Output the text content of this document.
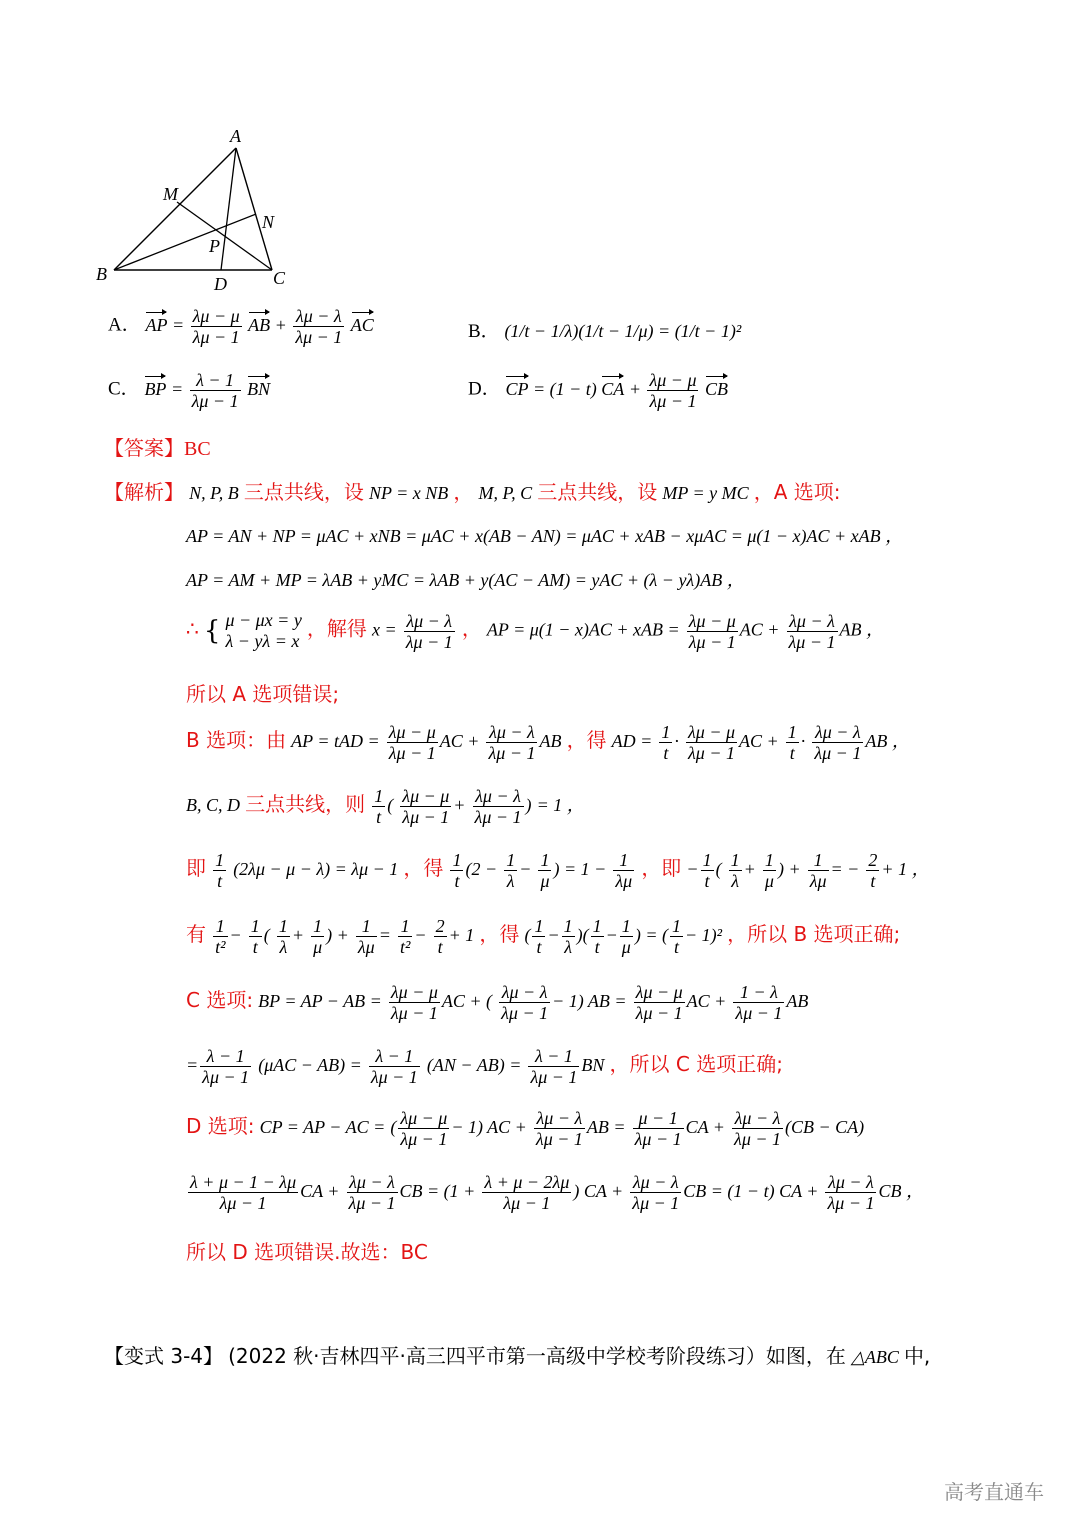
A
M
N
P
B	D	C
A． AP = $\frac{\lambda\mu - \mu}{\lambda\mu - 1}$ AB + $\frac{\lambda\mu - \lambda}{\lambda\mu - 1}$ AC	B． (1/t − 1/λ)(1/t − 1/μ) = (1/t − 1)²
C． BP = $\frac{\lambda - 1}{\lambda\mu - 1}$ BN	D． CP = (1 − t) CA + $\frac{\lambda\mu - \mu}{\lambda\mu - 1}$ CB
【答案】BC
【解析】 N, P, B 三点共线，设 NP = x NB ， M, P, C 三点共线，设 MP = y MC ，A 选项:
AP = AN + NP = μAC + xNB = μAC + x(AB − AN) = μAC + xAB − xμAC = μ(1 − x)AC + xAB ，
AP = AM + MP = λAB + yMC = λAB + y(AC − AM) = yAC + (λ − yλ)AB ，
∴ { μ − μx = y
λ − yλ = x
，解得 $x = \frac{\lambda\mu - \lambda}{\lambda\mu - 1}$ ， AP = μ(1 − x)AC + xAB = $\frac{\lambda\mu - \mu}{\lambda\mu - 1}$ AC + $\frac{\lambda\mu - \lambda}{\lambda\mu - 1}$ AB ，
所以 A 选项错误;
B 选项：由 AP = tAD = $\frac{\lambda\mu - \mu}{\lambda\mu - 1}$ AC + $\frac{\lambda\mu - \lambda}{\lambda\mu - 1}$ AB ，得 AD = $\frac{1}{t} \cdot \frac{\lambda\mu - \mu}{\lambda\mu - 1}$ AC + $\frac{1}{t} \cdot \frac{\lambda\mu - \lambda}{\lambda\mu - 1}$ AB ，
B, C, D 三点共线，则 $\frac{1}{t}$ ( $\frac{\lambda\mu - \mu}{\lambda\mu - 1} + \frac{\lambda\mu - \lambda}{\lambda\mu - 1}$ ) = 1 ，
即 $\frac{1}{t} (2\lambda\mu - \mu - \lambda) = \lambda\mu - 1$ ，得 $\frac{1}{t} (2 - \frac{1}{\lambda} - \frac{1}{\mu}$ ) = $1 - \frac{1}{\lambda\mu}$ ，即 − $\frac{1}{t}$ ( $\frac{1}{\lambda} + \frac{1}{\mu}$ ) + $\frac{1}{\lambda\mu}$ = − $\frac{2}{t} + 1$ ，
有 $\frac{1}{\text{t²}} - \frac{1}{t}$ ( $\frac{1}{\lambda} + \frac{1}{\mu}$ ) + $\frac{1}{\lambda\mu} = \frac{1}{\text{t²}} - \frac{2}{t} + 1$ ，得 ( $\frac{1}{t} - \frac{1}{\lambda}$ )( $\frac{1}{t} - \frac{1}{\mu}$ ) = ( $\frac{1}{t} - 1)^2$ ，所以 B 选项正确;
C 选项: BP = AP − AB = $\frac{\lambda\mu - \mu}{\lambda\mu - 1}$ AC + ( $\frac{\lambda\mu - \lambda}{\lambda\mu - 1} - 1$) AB = $\frac{\lambda\mu - \mu}{\lambda\mu - 1}$ AC + $\frac{1 - \lambda}{\lambda\mu - 1}$ AB
= $\frac{\lambda - 1}{\lambda\mu - 1} (\mu AC - AB) = \frac{\lambda - 1}{\lambda\mu - 1} (AN - AB) = \frac{\lambda - 1}{\lambda\mu - 1}$ BN ，所以 C 选项正确;
D 选项: CP = AP − AC = ( $\frac{\lambda\mu - \mu}{\lambda\mu - 1} - 1$) AC + $\frac{\lambda\mu - \lambda}{\lambda\mu - 1}$ AB = $\frac{\mu - 1}{\lambda\mu - 1}$ CA + $\frac{\lambda\mu - \lambda}{\lambda\mu - 1} (CB - CA)$
$\frac{\lambda + \mu - 1 - \lambda\mu}{\lambda\mu - 1}$ CA + $\frac{\lambda\mu - \lambda}{\lambda\mu - 1}$ CB = ($1 + \frac{\lambda + \mu - 2\lambda\mu}{\lambda\mu - 1}$ ) CA + $\frac{\lambda\mu - \lambda}{\lambda\mu - 1}$ CB = (1 − t) CA + $\frac{\lambda\mu - \lambda}{\lambda\mu - 1}$ CB ，
所以 D 选项错误.故选：BC
【变式 3-4】 (2022 秋·吉林四平·高三四平市第一高级中学校考阶段练习）如图，在 △ABC 中,
高考直通车
